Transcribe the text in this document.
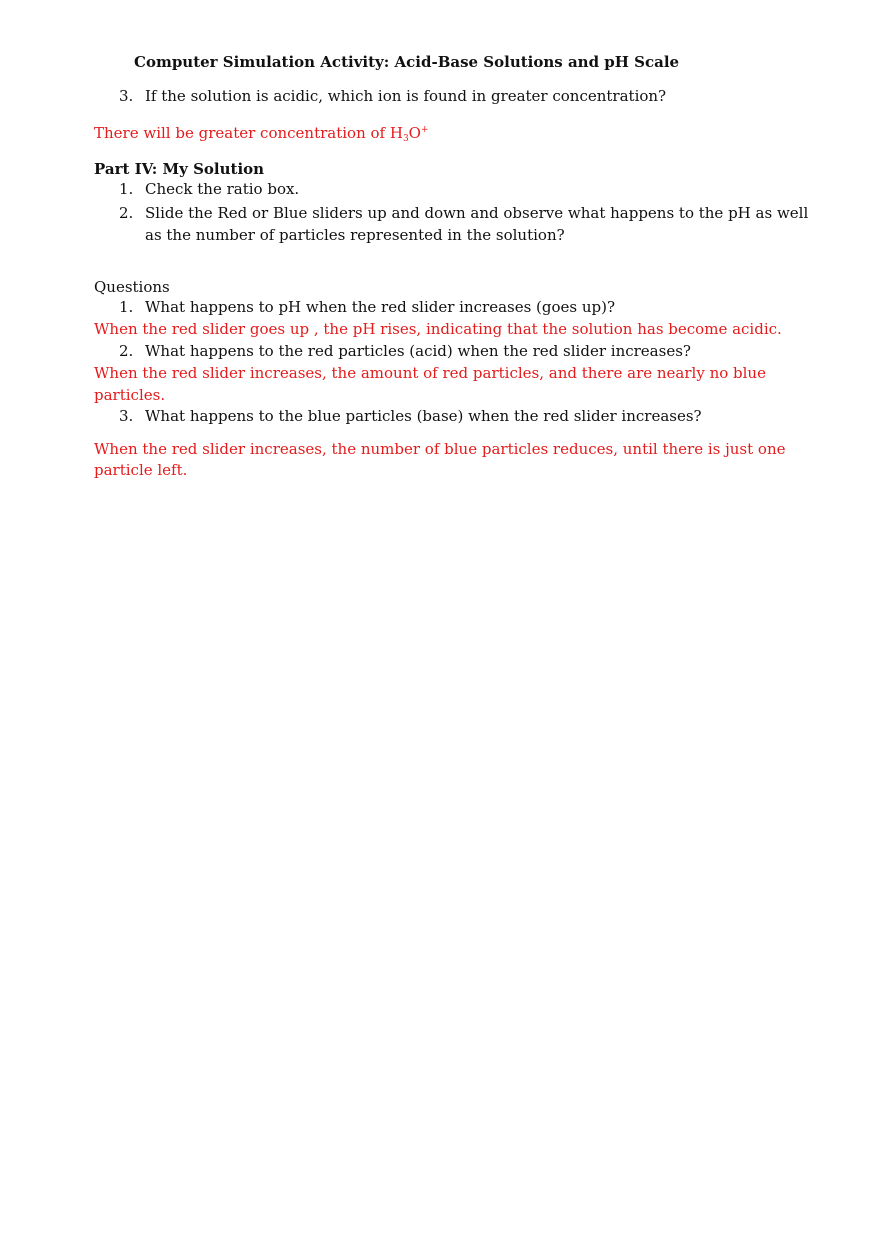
Computer Simulation Activity: Acid-Base Solutions and pH Scale
3. If the solution is acidic, which ion is found in greater concentration?
There will be greater concentration of $H_3O^+$
Part IV: My Solution
1. Check the ratio box.
2. Slide the Red or Blue sliders up and down and observe what happens to the pH as well
as the number of particles represented in the solution?
Questions
1. What happens to pH when the red slider increases (goes up)?
When the red slider goes up , the pH rises, indicating that the solution has become acidic.
2. What happens to the red particles (acid) when the red slider increases?
When the red slider increases, the amount of red particles, and there are nearly no blue
particles.
3. What happens to the blue particles (base) when the red slider increases?
When the red slider increases, the number of blue particles reduces, until there is just one
particle left.
